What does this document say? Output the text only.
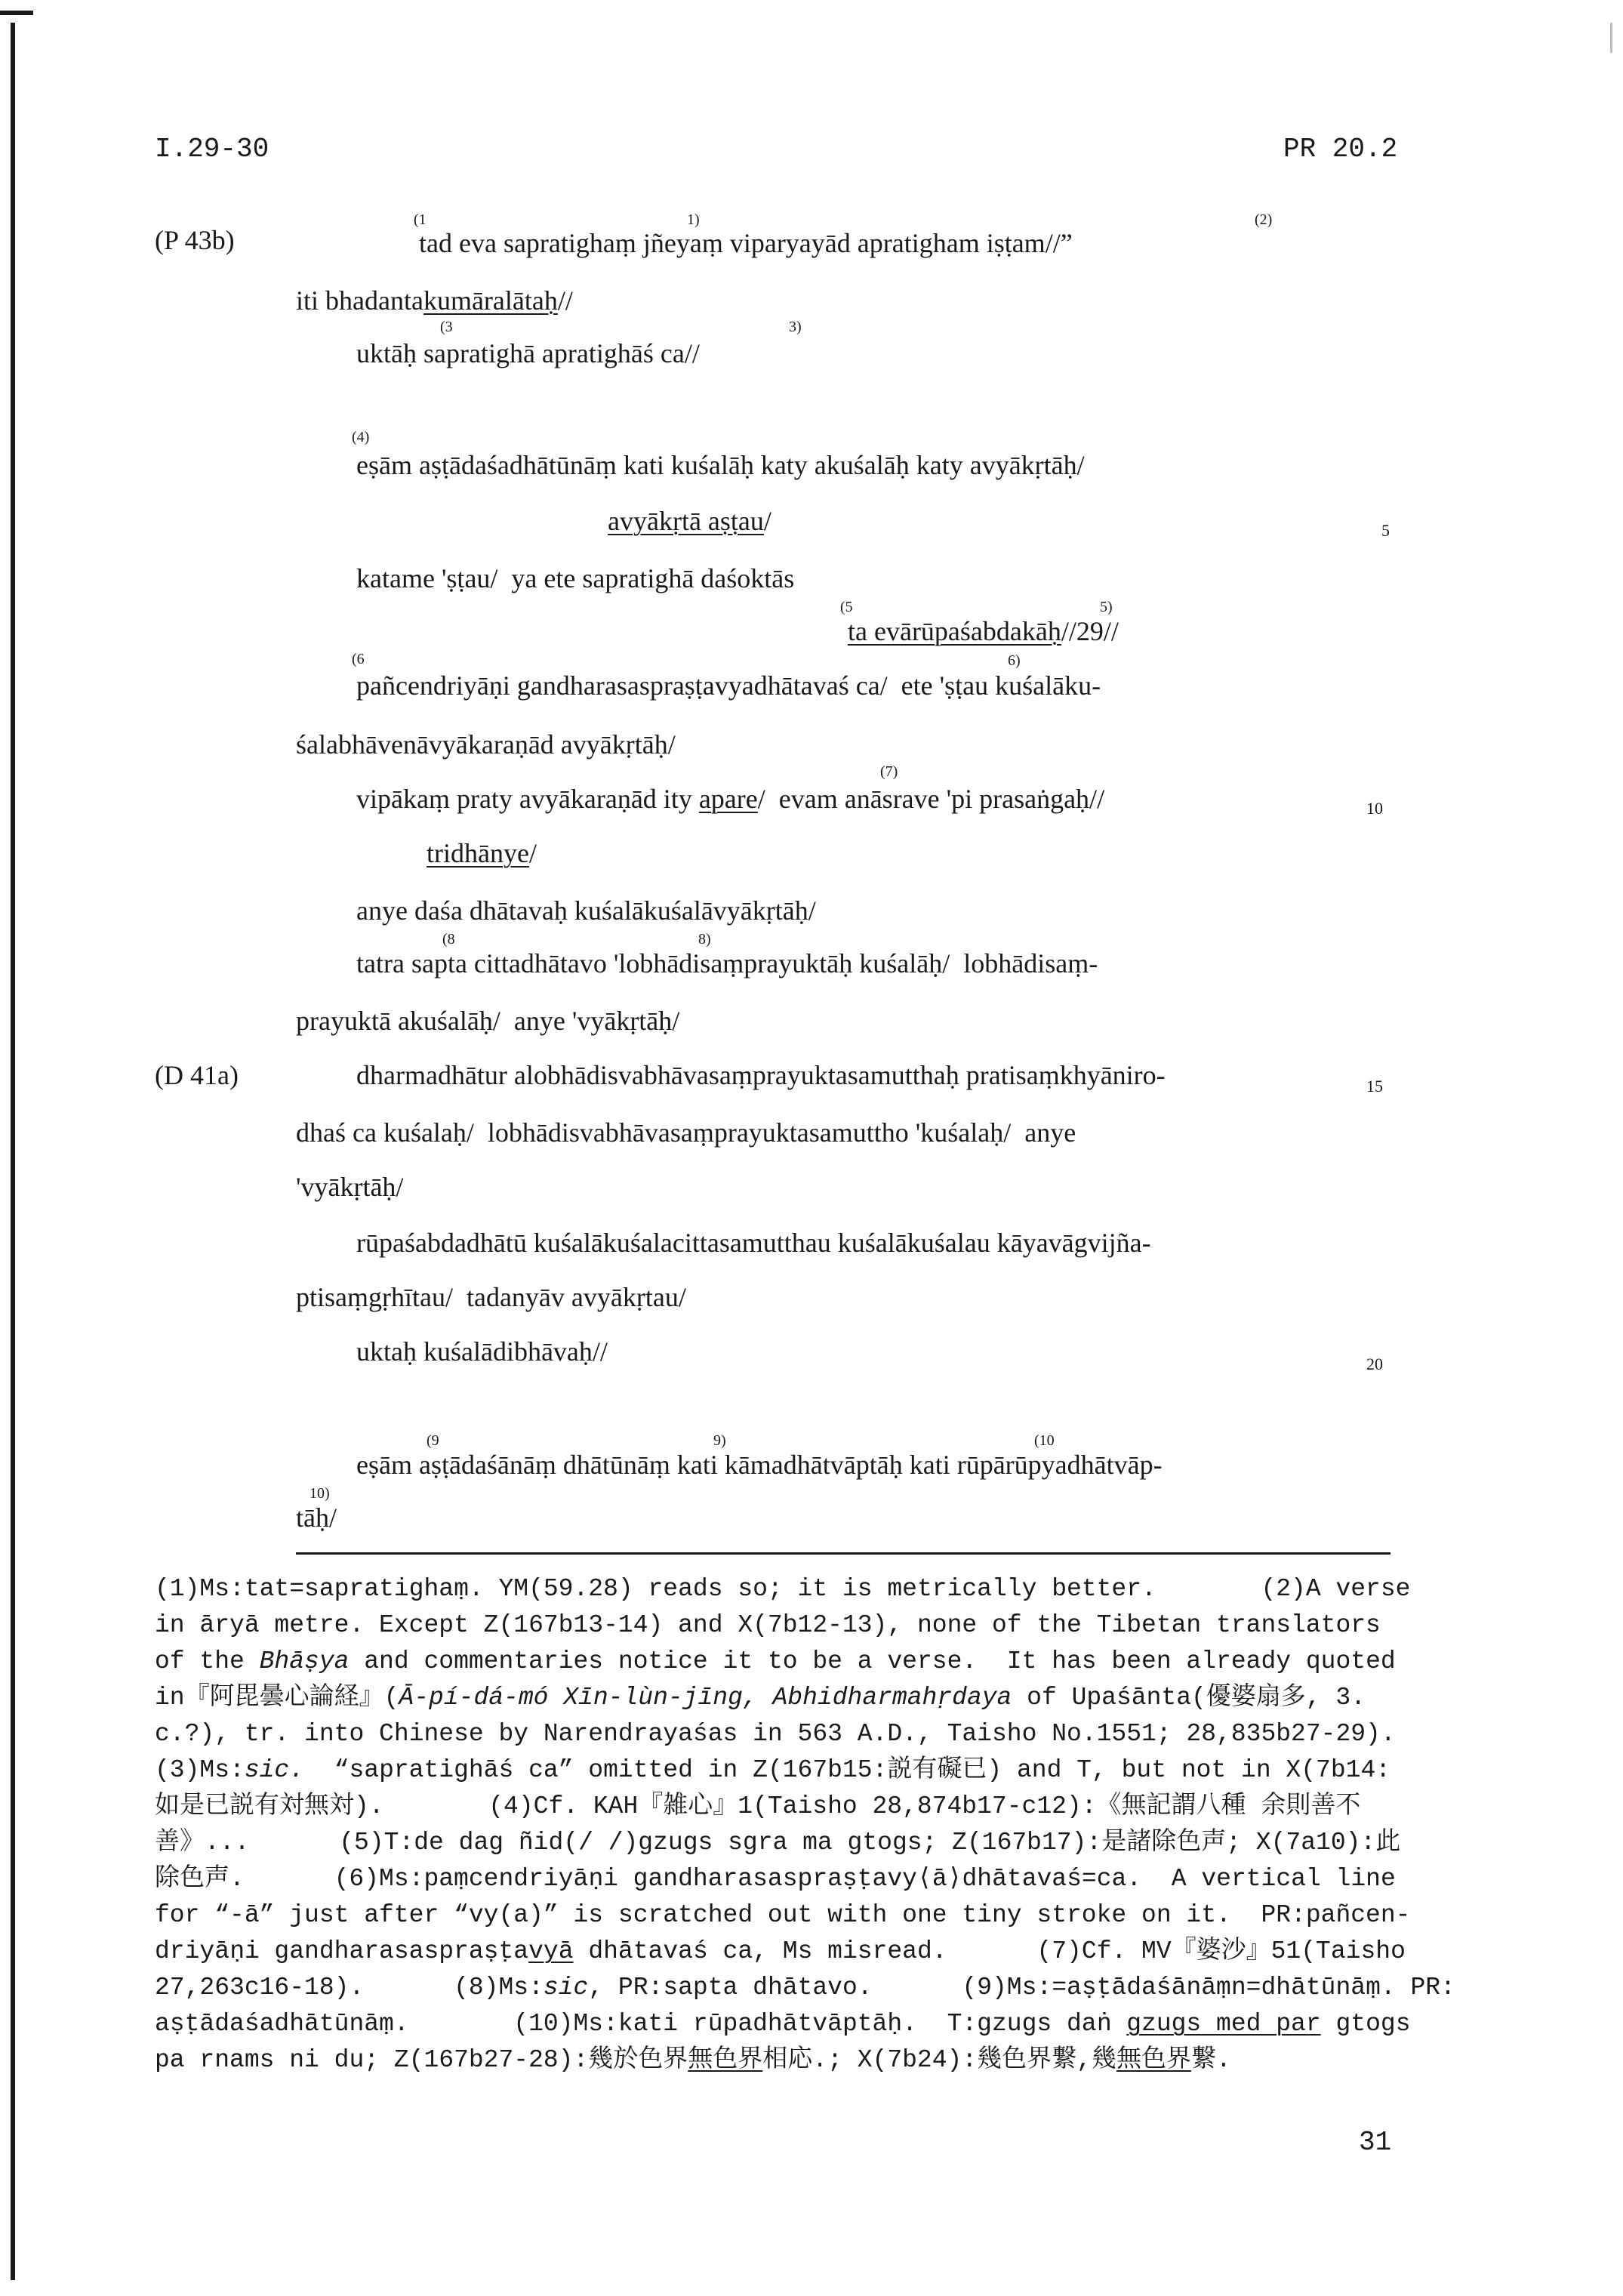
I.29-30	PR 20.2
(P 43b)
(1	1)	(2)
tad eva sapratighaṃ jñeyaṃ viparyayād apratigham iṣṭam//”
iti bhadantakumāralātaḥ//
(3	3)
uktāḥ sapratighā apratighāś ca//
(4)
eṣām aṣṭādaśadhātūnāṃ kati kuśalāḥ katy akuśalāḥ katy avyākṛtāḥ/
avyākṛtā aṣṭau/	5
katame 'ṣṭau/  ya ete sapratighā daśoktās
(5	5)
ta evārūpaśabdakāḥ//29//
(6	6)
pañcendriyāṇi gandharasaspraṣṭavyadhātavaś ca/  ete 'ṣṭau kuśalāku-
śalabhāvenāvyākaraṇād avyākṛtāḥ/
(7)
vipākaṃ praty avyākaraṇād ity apare/  evam anāsrave 'pi prasaṅgaḥ//	10
tridhānye/
anye daśa dhātavaḥ kuśalākuśalāvyākṛtāḥ/
(8	8)
tatra sapta cittadhātavo 'lobhādisaṃprayuktāḥ kuśalāḥ/  lobhādisaṃ-
prayuktā akuśalāḥ/  anye 'vyākṛtāḥ/
(D 41a)	dharmadhātur alobhādisvabhāvasaṃprayuktasamutthaḥ pratisaṃkhyāniro-	15
dhaś ca kuśalaḥ/  lobhādisvabhāvasaṃprayuktasamuttho 'kuśalaḥ/  anye
'vyākṛtāḥ/
rūpaśabdadhātū kuśalākuśalacittasamutthau kuśalākuśalau kāyavāgvijña-
ptisaṃgṛhītau/  tadanyāv avyākṛtau/
uktaḥ kuśalādibhāvaḥ//	20
(9	9)	(10
eṣām aṣṭādaśānāṃ dhātūnāṃ kati kāmadhātvāptāḥ kati rūpārūpyadhātvāp-
10)
tāḥ/
(1)Ms:tat=sapratighaṃ. YM(59.28) reads so; it is metrically better.       (2)A verse
in āryā metre. Except Z(167b13-14) and X(7b12-13), none of the Tibetan translators
of the Bhāṣya and commentaries notice it to be a verse.  It has been already quoted
in『阿毘曇心論経』(Ā-pí-dá-mó Xīn-lùn-jīng, Abhidharmahṛdaya of Upaśānta(優婆扇多, 3.
c.?), tr. into Chinese by Narendrayaśas in 563 A.D., Taisho No.1551; 28,835b27-29).
(3)Ms:sic.  “sapratighāś ca” omitted in Z(167b15:説有礙已) and T, but not in X(7b14:
如是已説有対無対).       (4)Cf. KAH『雑心』1(Taisho 28,874b17-c12):《無記謂八種 余則善不
善》...      (5)T:de dag ñid(/ /)gzugs sgra ma gtogs; Z(167b17):是諸除色声; X(7a10):此
除色声.      (6)Ms:paṃcendriyāṇi gandharasaspraṣṭavy⟨ā⟩dhātavaś=ca.  A vertical line
for “-ā” just after “vy(a)” is scratched out with one tiny stroke on it.  PR:pañcen-
driyāṇi gandharasaspraṣṭavyā dhātavaś ca, Ms misread.      (7)Cf. MV『婆沙』51(Taisho
27,263c16-18).      (8)Ms:sic, PR:sapta dhātavo.      (9)Ms:=aṣṭādaśānāṃn=dhātūnāṃ. PR:
aṣṭādaśadhātūnāṃ.       (10)Ms:kati rūpadhātvāptāḥ.  T:gzugs daṅ gzugs med par gtogs
pa rnams ni du; Z(167b27-28):幾於色界無色界相応.; X(7b24):幾色界繋,幾無色界繋.
31
